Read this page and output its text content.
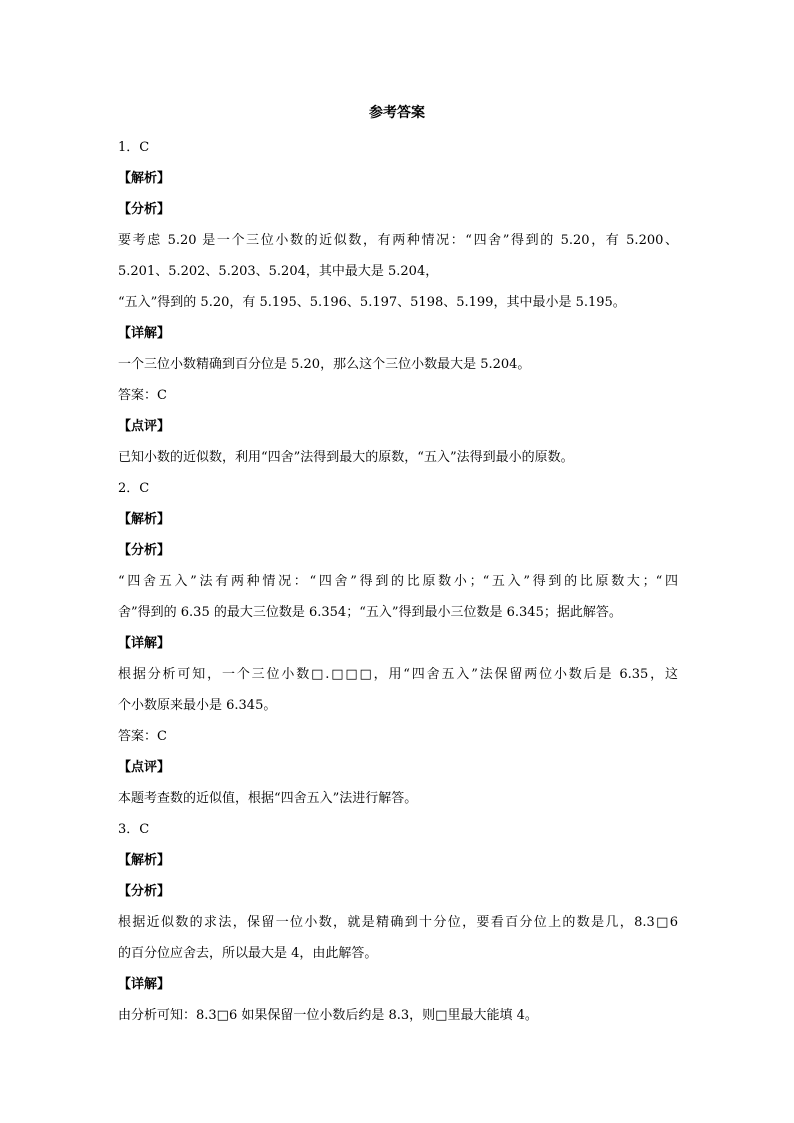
参考答案
1．C
【解析】
【分析】
要考虑 5.20 是一个三位小数的近似数，有两种情况：“四舍”得到的 5.20，有 5.200、
5.201、5.202、5.203、5.204，其中最大是 5.204，
“五入”得到的 5.20，有 5.195、5.196、5.197、5198、5.199，其中最小是 5.195。
【详解】
一个三位小数精确到百分位是 5.20，那么这个三位小数最大是 5.204。
答案：C
【点评】
已知小数的近似数，利用“四舍”法得到最大的原数，“五入”法得到最小的原数。
2．C
【解析】
【分析】
“四舍五入”法有两种情况：“四舍”得到的比原数小；“五入”得到的比原数大；“四
舍”得到的 6.35 的最大三位数是 6.354；“五入”得到最小三位数是 6.345；据此解答。
【详解】
根据分析可知，一个三位小数□.□□□，用“四舍五入”法保留两位小数后是 6.35，这
个小数原来最小是 6.345。
答案：C
【点评】
本题考查数的近似值，根据“四舍五入”法进行解答。
3．C
【解析】
【分析】
根据近似数的求法，保留一位小数，就是精确到十分位，要看百分位上的数是几，8.3□6
的百分位应舍去，所以最大是 4，由此解答。
【详解】
由分析可知：8.3□6 如果保留一位小数后约是 8.3，则□里最大能填 4。
